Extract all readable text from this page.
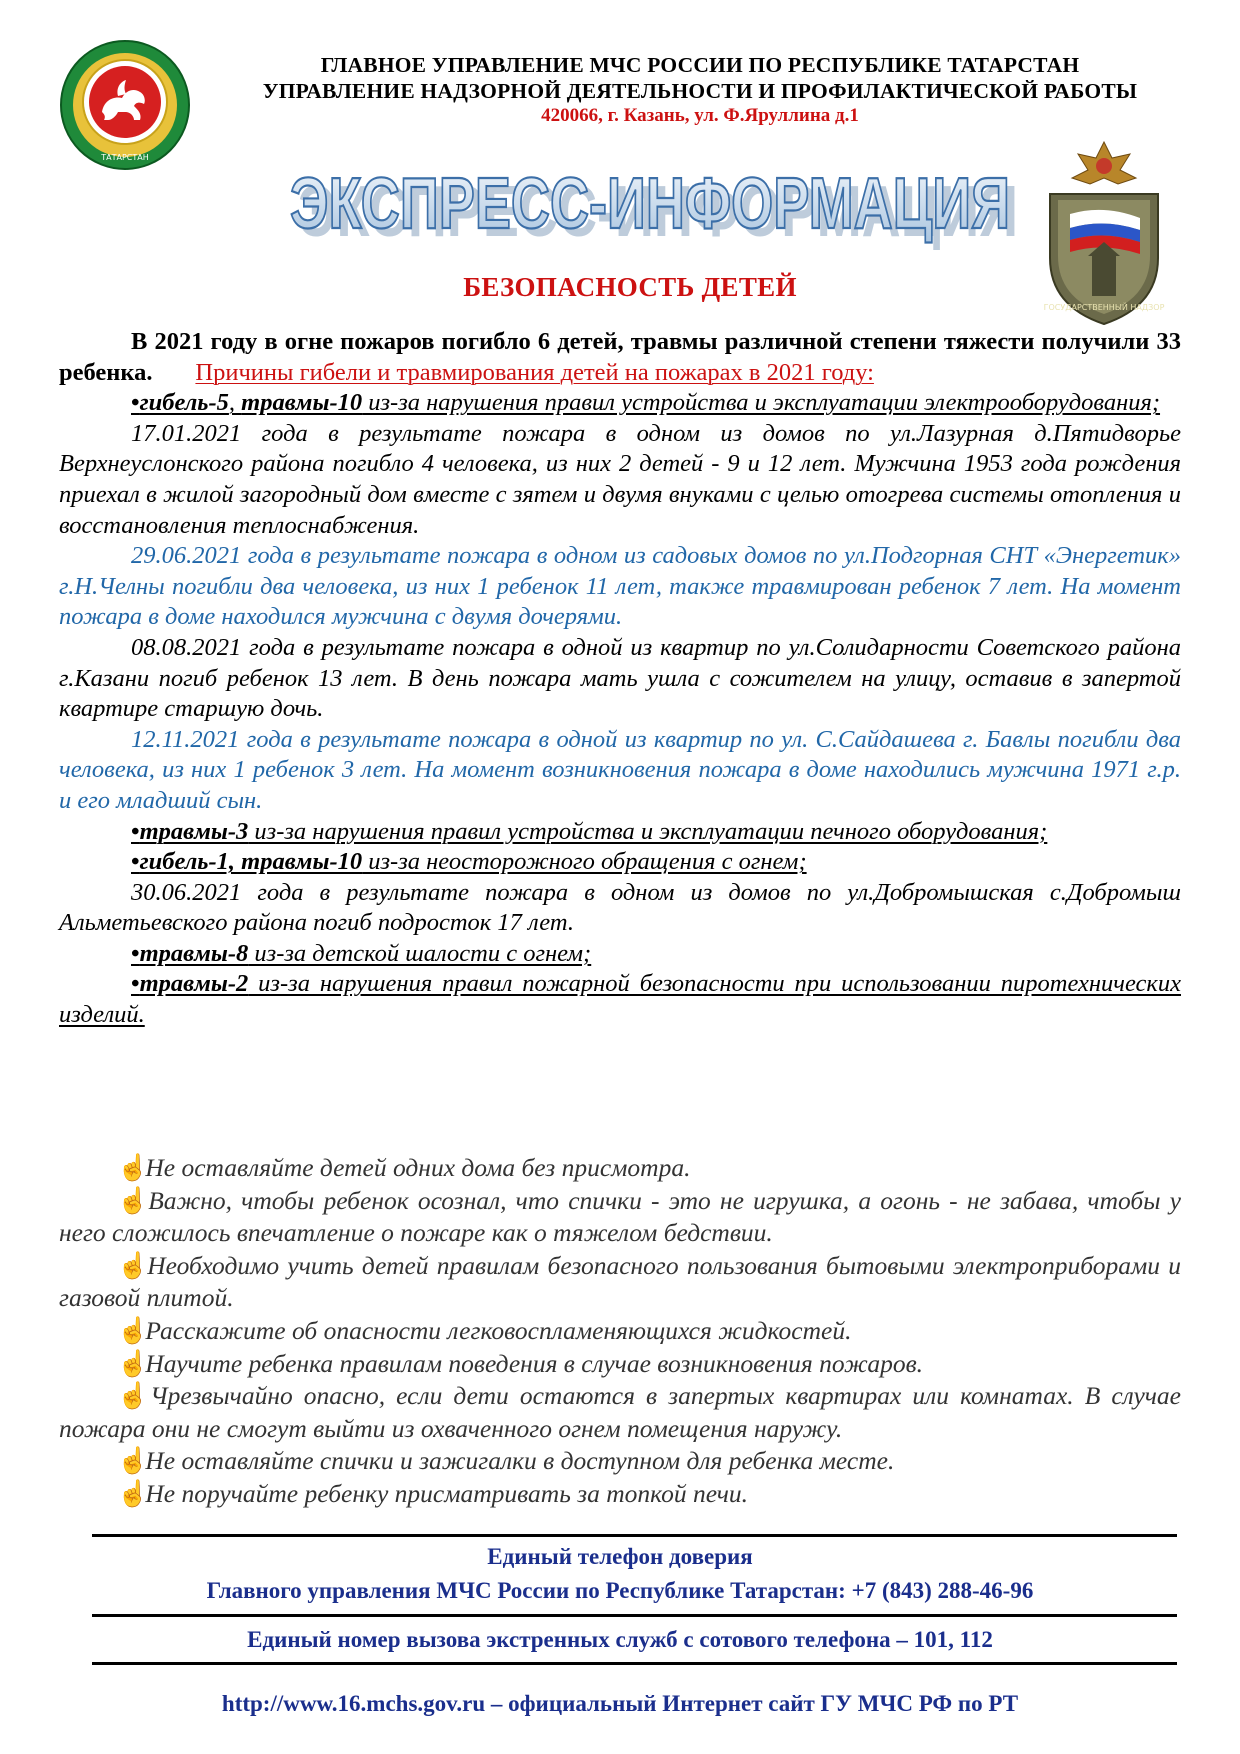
ТАТАРСТАН
ГЛАВНОЕ УПРАВЛЕНИЕ МЧС РОССИИ ПО РЕСПУБЛИКЕ ТАТАРСТАН
УПРАВЛЕНИЕ НАДЗОРНОЙ ДЕЯТЕЛЬНОСТИ И ПРОФИЛАКТИЧЕСКОЙ РАБОТЫ
420066, г. Казань, ул. Ф.Яруллина д.1
ЭКСПРЕСС-ИНФОРМАЦИЯ
ЭКСПРЕСС-ИНФОРМАЦИЯ
ГОСУДАРСТВЕННЫЙ НАДЗОР
БЕЗОПАСНОСТЬ ДЕТЕЙ

В 2021 году в огне пожаров погибло 6 детей, травмы различной степени тяжести получили 33 ребенка. Причины гибели и травмирования детей на пожарах в 2021 году:

•гибель-5, травмы-10 из-за нарушения правил устройства и эксплуатации электрооборудования;

17.01.2021 года в результате пожара в одном из домов по ул.Лазурная д.Пятидворье Верхнеуслонского района погибло 4 человека, из них 2 детей - 9 и 12 лет. Мужчина 1953 года рождения приехал в жилой загородный дом вместе с зятем и двумя внуками с целью отогрева системы отопления и восстановления теплоснабжения.

29.06.2021 года в результате пожара в одном из садовых домов по ул.Подгорная СНТ «Энергетик» г.Н.Челны погибли два человека, из них 1 ребенок 11 лет, также травмирован ребенок 7 лет. На момент пожара в доме находился мужчина с двумя дочерями.

08.08.2021 года в результате пожара в одной из квартир по ул.Солидарности Советского района г.Казани погиб ребенок 13 лет. В день пожара мать ушла с сожителем на улицу, оставив в запертой квартире старшую дочь.

12.11.2021 года в результате пожара в одной из квартир по ул. С.Сайдашева г. Бавлы погибли два человека, из них 1 ребенок 3 лет. На момент возникновения пожара в доме находились мужчина 1971 г.р. и его младший сын.

•травмы-3 из-за нарушения правил устройства и эксплуатации печного оборудования;

•гибель-1, травмы-10 из-за неосторожного обращения с огнем;

30.06.2021 года в результате пожара в одном из домов по ул.Добромышская с.Добромыш Альметьевского района погиб подросток 17 лет.

•травмы-8 из-за детской шалости с огнем;

•травмы-2 из-за нарушения правил пожарной безопасности при использовании пиротехнических изделий.

☝ Не оставляйте детей одних дома без присмотра.

☝ Важно, чтобы ребенок осознал, что спички - это не игрушка, а огонь - не забава, чтобы у него сложилось впечатление о пожаре как о тяжелом бедствии.

☝ Необходимо учить детей правилам безопасного пользования бытовыми электроприборами и газовой плитой.

☝ Расскажите об опасности легковоспламеняющихся жидкостей.

☝ Научите ребенка правилам поведения в случае возникновения пожаров.

☝ Чрезвычайно опасно, если дети остаются в запертых квартирах или комнатах. В случае пожара они не смогут выйти из охваченного огнем помещения наружу.

☝ Не оставляйте спички и зажигалки в доступном для ребенка месте.

☝ Не поручайте ребенку присматривать за топкой печи.

Единый телефон доверия
Главного управления МЧС России по Республике Татарстан: +7 (843) 288-46-96
Единый номер вызова экстренных служб с сотового телефона – 101, 112
http://www.16.mchs.gov.ru – официальный Интернет сайт ГУ МЧС РФ по РТ
